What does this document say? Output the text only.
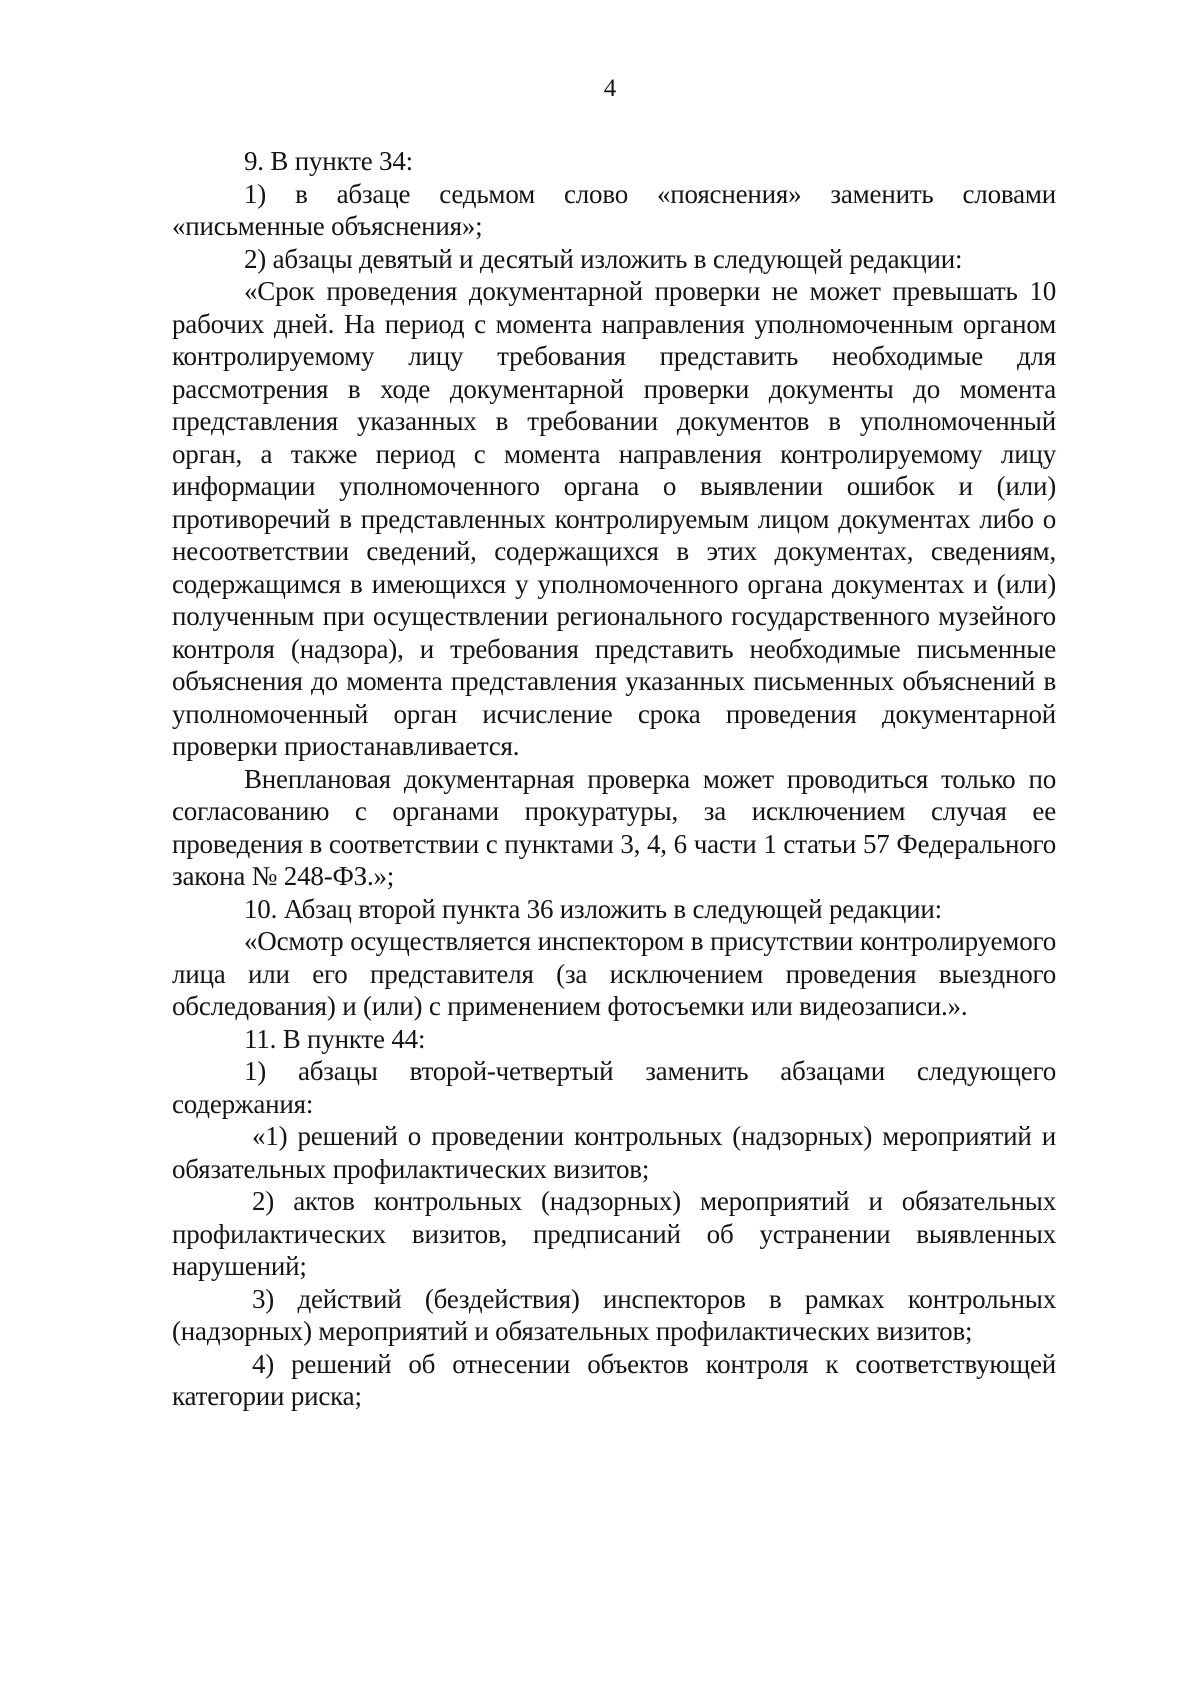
4

9. В пункте 34:

1) в абзаце седьмом слово «пояснения» заменить словами «письменные объяснения»;

2) абзацы девятый и десятый изложить в следующей редакции:

«Срок проведения документарной проверки не может превышать 10 рабочих дней. На период с момента направления уполномоченным органом контролируемому лицу требования представить необходимые для рассмотрения в ходе документарной проверки документы до момента представления указанных в требовании документов в уполномоченный орган, а также период с момента направления контролируемому лицу информации уполномоченного органа о выявлении ошибок и (или) противоречий в представленных контролируемым лицом документах либо о несоответствии сведений, содержащихся в этих документах, сведениям, содержащимся в имеющихся у уполномоченного органа документах и (или) полученным при осуществлении регионального государственного музейного контроля (надзора), и требования представить необходимые письменные объяснения до момента представления указанных письменных объяснений в уполномоченный орган исчисление срока проведения документарной проверки приостанавливается.

Внеплановая документарная проверка может проводиться только по согласованию с органами прокуратуры, за исключением случая ее проведения в соответствии с пунктами 3, 4, 6 части 1 статьи 57 Федерального закона № 248-ФЗ.»;

10. Абзац второй пункта 36 изложить в следующей редакции:

«Осмотр осуществляется инспектором в присутствии контролируемого лица или его представителя (за исключением проведения выездного обследования) и (или) с применением фотосъемки или видеозаписи.».

11. В пункте 44:

1) абзацы второй-четвертый заменить абзацами следующего содержания:

«1) решений о проведении контрольных (надзорных) мероприятий и обязательных профилактических визитов;

2) актов контрольных (надзорных) мероприятий и обязательных профилактических визитов, предписаний об устранении выявленных нарушений;

3) действий (бездействия) инспекторов в рамках контрольных (надзорных) мероприятий и обязательных профилактических визитов;

4) решений об отнесении объектов контроля к соответствующей категории риска;
